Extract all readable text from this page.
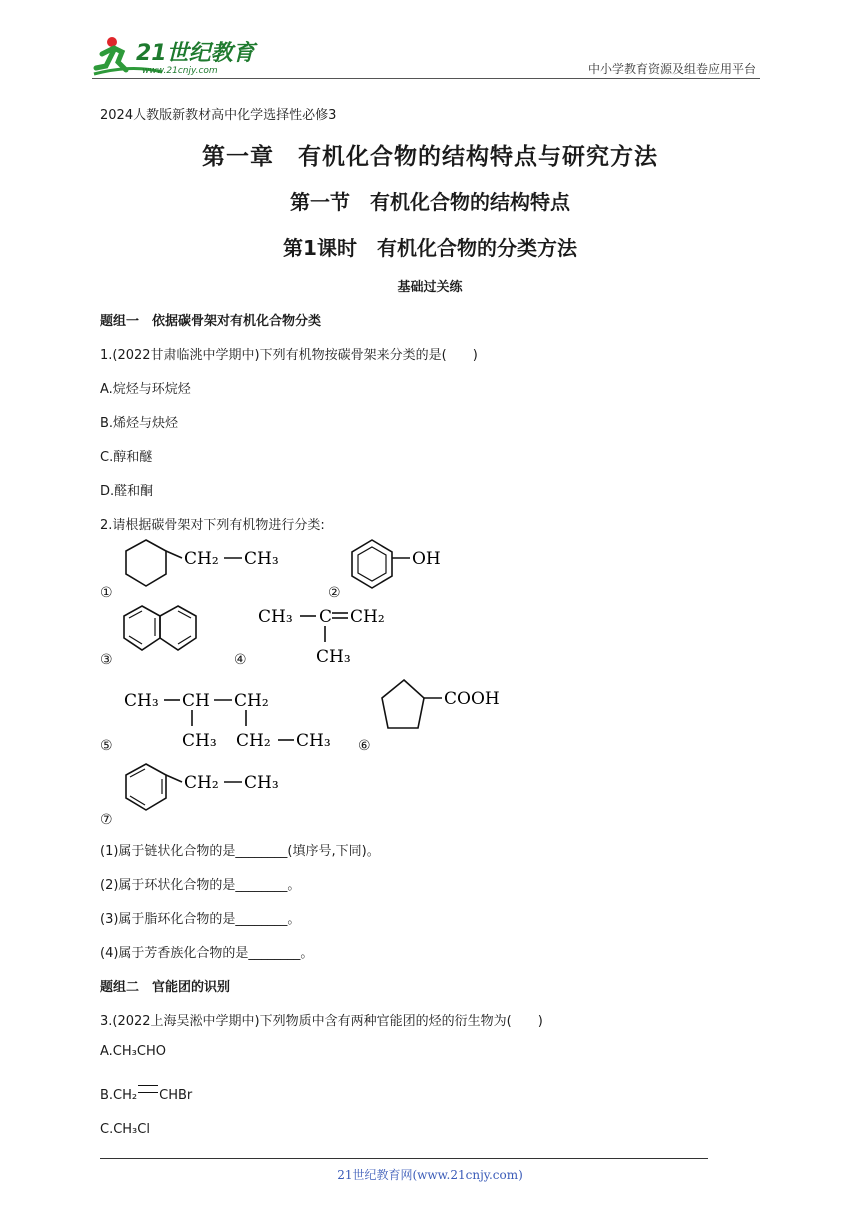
21世纪教育
www.21cnjy.com	中小学教育资源及组卷应用平台
2024人教版新教材高中化学选择性必修3
第一章　有机化合物的结构特点与研究方法
第一节　有机化合物的结构特点
第1课时　有机化合物的分类方法
基础过关练
题组一　依据碳骨架对有机化合物分类
1.(2022甘肃临洮中学期中)下列有机物按碳骨架来分类的是(　　)
A.烷烃与环烷烃
B.烯烃与炔烃
C.醇和醚
D.醛和酮
2.请根据碳骨架对下列有机物进行分类:
CH₂ CH₃
①
OH
②
③	④
CH₃ C CH₂
CH₃
CH₃ CH CH₂
CH₃ CH₂ CH₃
⑤	⑥
COOH
CH₂ CH₃
⑦
(1)属于链状化合物的是________(填序号,下同)。
(2)属于环状化合物的是________。
(3)属于脂环化合物的是________。
(4)属于芳香族化合物的是________。
题组二　官能团的识别
3.(2022上海吴淞中学期中)下列物质中含有两种官能团的烃的衍生物为(　　)
A.CH₃CHO
B.CH₂ CHBr
C.CH₃Cl
21世纪教育网(www.21cnjy.com)
